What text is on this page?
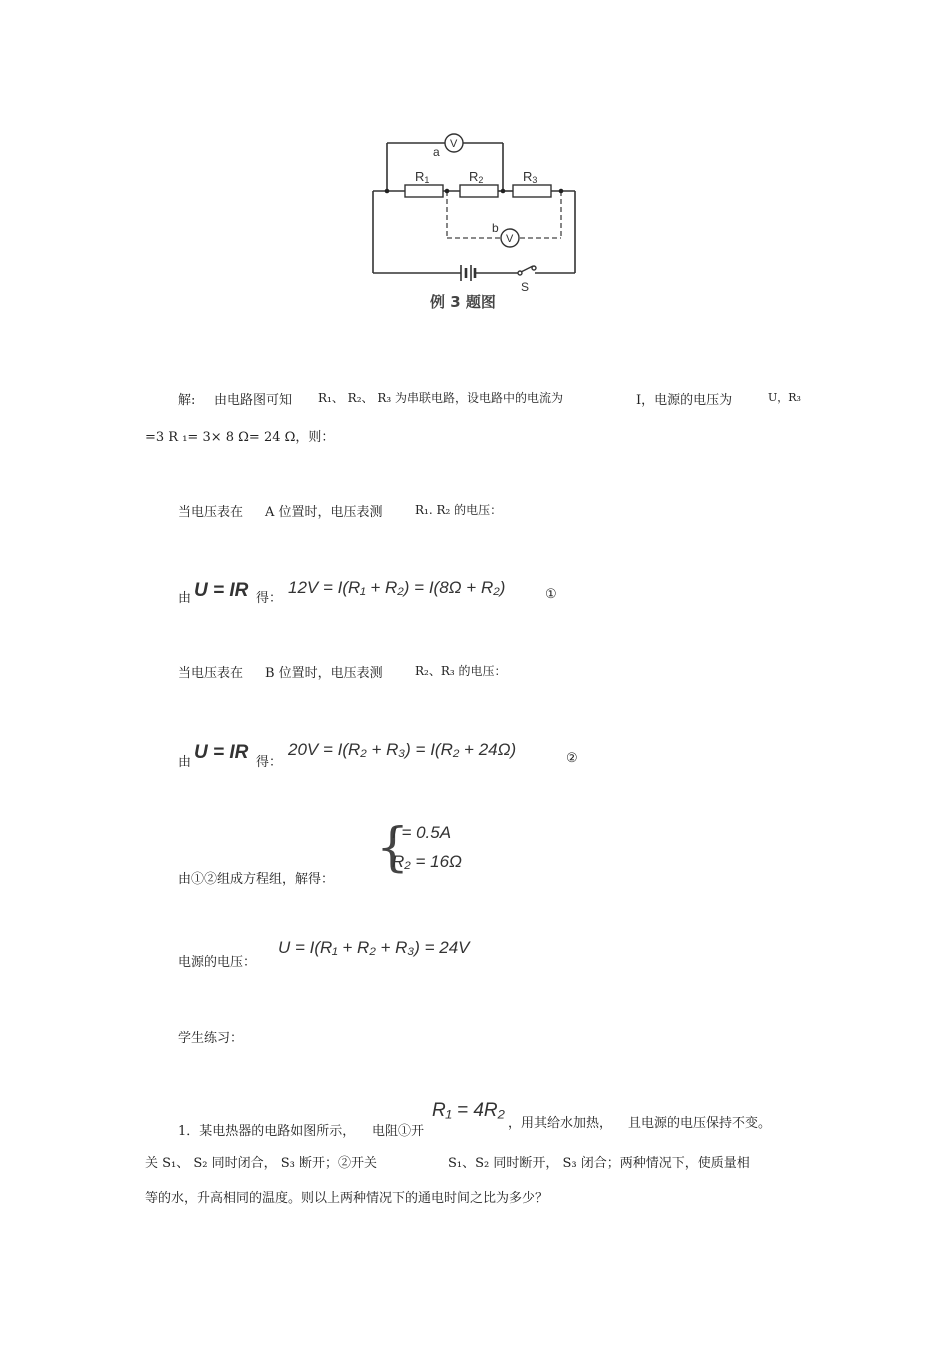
a
V
b
V
R1	R2	R3
S
例 3 题图
解: 由电路图可知 R₁、 R₂、 R₃ 为串联电路，设电路中的电流为	I，电源的电压为	U，R₃
=3 R ₁= 3× 8 Ω= 24 Ω，则：
当电压表在 A 位置时，电压表测	R₁. R₂ 的电压：
由 U = IR 得：
12V = I(R₁ + R₂) = I(8Ω + R₂)	①
当电压表在 B 位置时，电压表测	R₂、R₃ 的电压：
由 U = IR 得：
20V = I(R₂ + R₃) = I(R₂ + 24Ω)	②
由①②组成方程组，解得：
{
I = 0.5A
R₂ = 16Ω
电源的电压：
U = I(R₁ + R₂ + R₃) = 24V
学生练习：
R₁ = 4R₂
1．某电热器的电路如图所示， 电阻①开
，用其给水加热， 且电源的电压保持不变。
关 S₁、 S₂ 同时闭合， S₃ 断开；②开关	S₁、S₂ 同时断开， S₃ 闭合；两种情况下，使质量相
等的水，升高相同的温度。则以上两种情况下的通电时间之比为多少？
